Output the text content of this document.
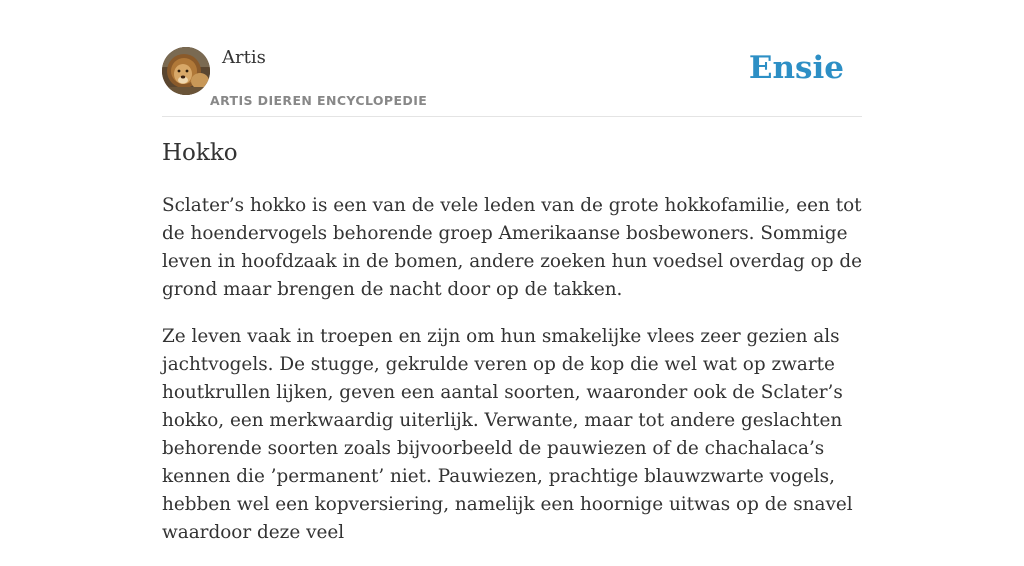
Artis
ARTIS DIEREN ENCYCLOPEDIE
Ensie
Hokko

Sclater’s hokko is een van de vele leden van de grote hokkofamilie, een tot de hoendervogels behorende groep Amerikaanse bosbewoners. Sommige leven in hoofdzaak in de bomen, andere zoeken hun voedsel overdag op de grond maar brengen de nacht door op de takken.

Ze leven vaak in troepen en zijn om hun smakelijke vlees zeer gezien als jachtvogels. De stugge, gekrulde veren op de kop die wel wat op zwarte houtkrullen lijken, geven een aantal soorten, waaronder ook de Sclater’s hokko, een merkwaardig uiterlijk. Verwante, maar tot andere geslachten behorende soorten zoals bijvoorbeeld de pauwiezen of de chachalaca’s kennen die ’permanent’ niet. Pauwiezen, prachtige blauwzwarte vogels, hebben wel een kopversiering, namelijk een hoornige uitwas op de snavel waardoor deze veel
